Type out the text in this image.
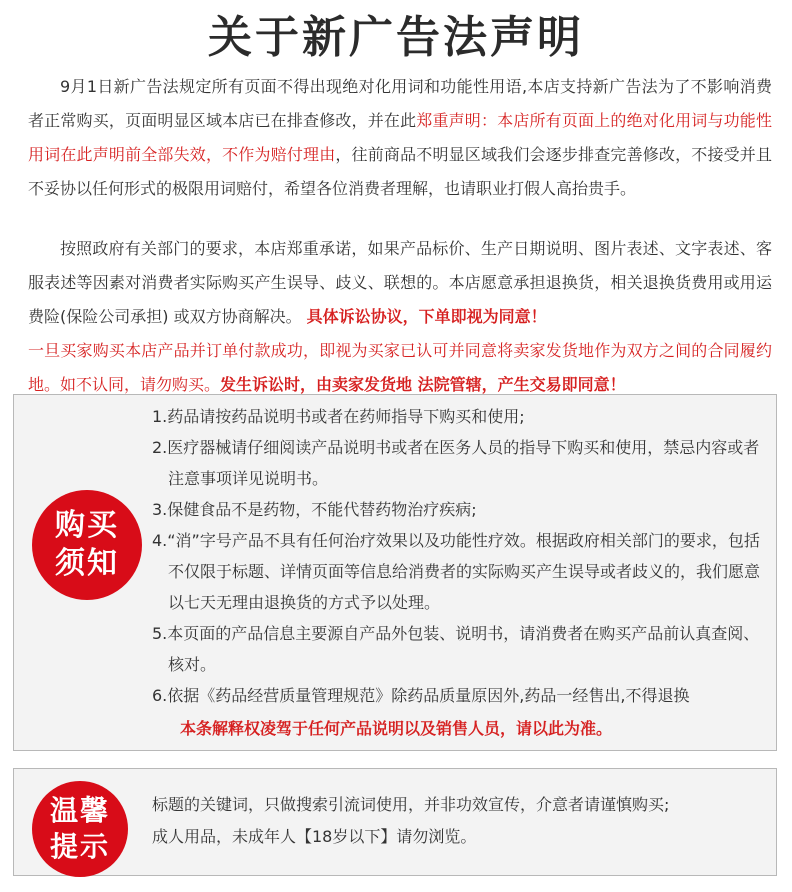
关于新广告法声明

9月1日新广告法规定所有页面不得出现绝对化用词和功能性用语,本店支持新广告法为了不影响消费者正常购买，页面明显区域本店已在排查修改，并在此郑重声明：本店所有页面上的绝对化用词与功能性用词在此声明前全部失效，不作为赔付理由，往前商品不明显区域我们会逐步排查完善修改，不接受并且不妥协以任何形式的极限用词赔付，希望各位消费者理解，也请职业打假人高抬贵手。

按照政府有关部门的要求，本店郑重承诺，如果产品标价、生产日期说明、图片表述、文字表述、客服表述等因素对消费者实际购买产生误导、歧义、联想的。本店愿意承担退换货，相关退换货费用或用运费险(保险公司承担) 或双方协商解决。 具体诉讼协议，下单即视为同意！
一旦买家购买本店产品并订单付款成功，即视为买家已认可并同意将卖家发货地作为双方之间的合同履约地。如不认同，请勿购买。发生诉讼时，由卖家发货地 法院管辖，产生交易即同意！

购买
须知
1.药品请按药品说明书或者在药师指导下购买和使用;
2.医疗器械请仔细阅读产品说明书或者在医务人员的指导下购买和使用，禁忌内容或者注意事项详见说明书。
3.保健食品不是药物，不能代替药物治疗疾病;
4.“消”字号产品不具有任何治疗效果以及功能性疗效。根据政府相关部门的要求，包括不仅限于标题、详情页面等信息给消费者的实际购买产生误导或者歧义的，我们愿意以七天无理由退换货的方式予以处理。
5.本页面的产品信息主要源自产品外包装、说明书，请消费者在购买产品前认真查阅、核对。
6.依据《药品经营质量管理规范》除药品质量原因外,药品一经售出,不得退换
本条解释权凌驾于任何产品说明以及销售人员，请以此为准。
温馨
提示
标题的关键词，只做搜索引流词使用，并非功效宣传，介意者请谨慎购买;
成人用品，未成年人【18岁以下】请勿浏览。
